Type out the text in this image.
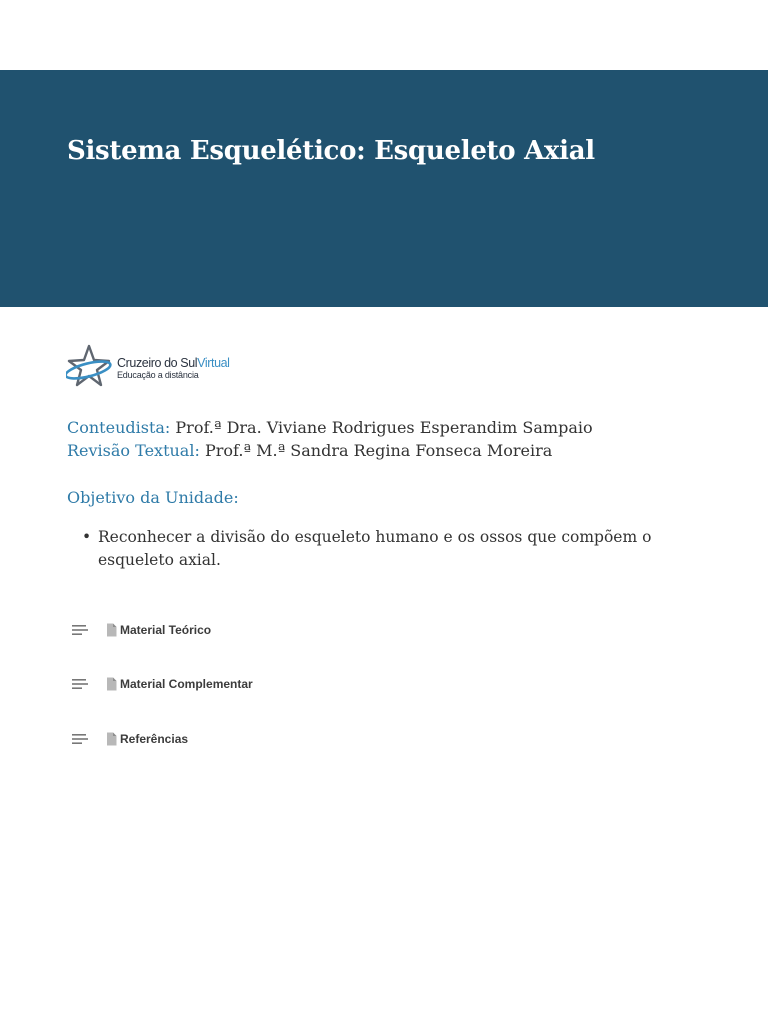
Sistema Esquelético: Esqueleto Axial
Cruzeiro do SulVirtual
Educação a distância
Conteudista: Prof.ª Dra. Viviane Rodrigues Esperandim Sampaio
Revisão Textual: Prof.ª M.ª Sandra Regina Fonseca Moreira
Objetivo da Unidade:
• Reconhecer a divisão do esqueleto humano e os ossos que compõem o esqueleto axial.
Material Teórico
Material Complementar
Referências
